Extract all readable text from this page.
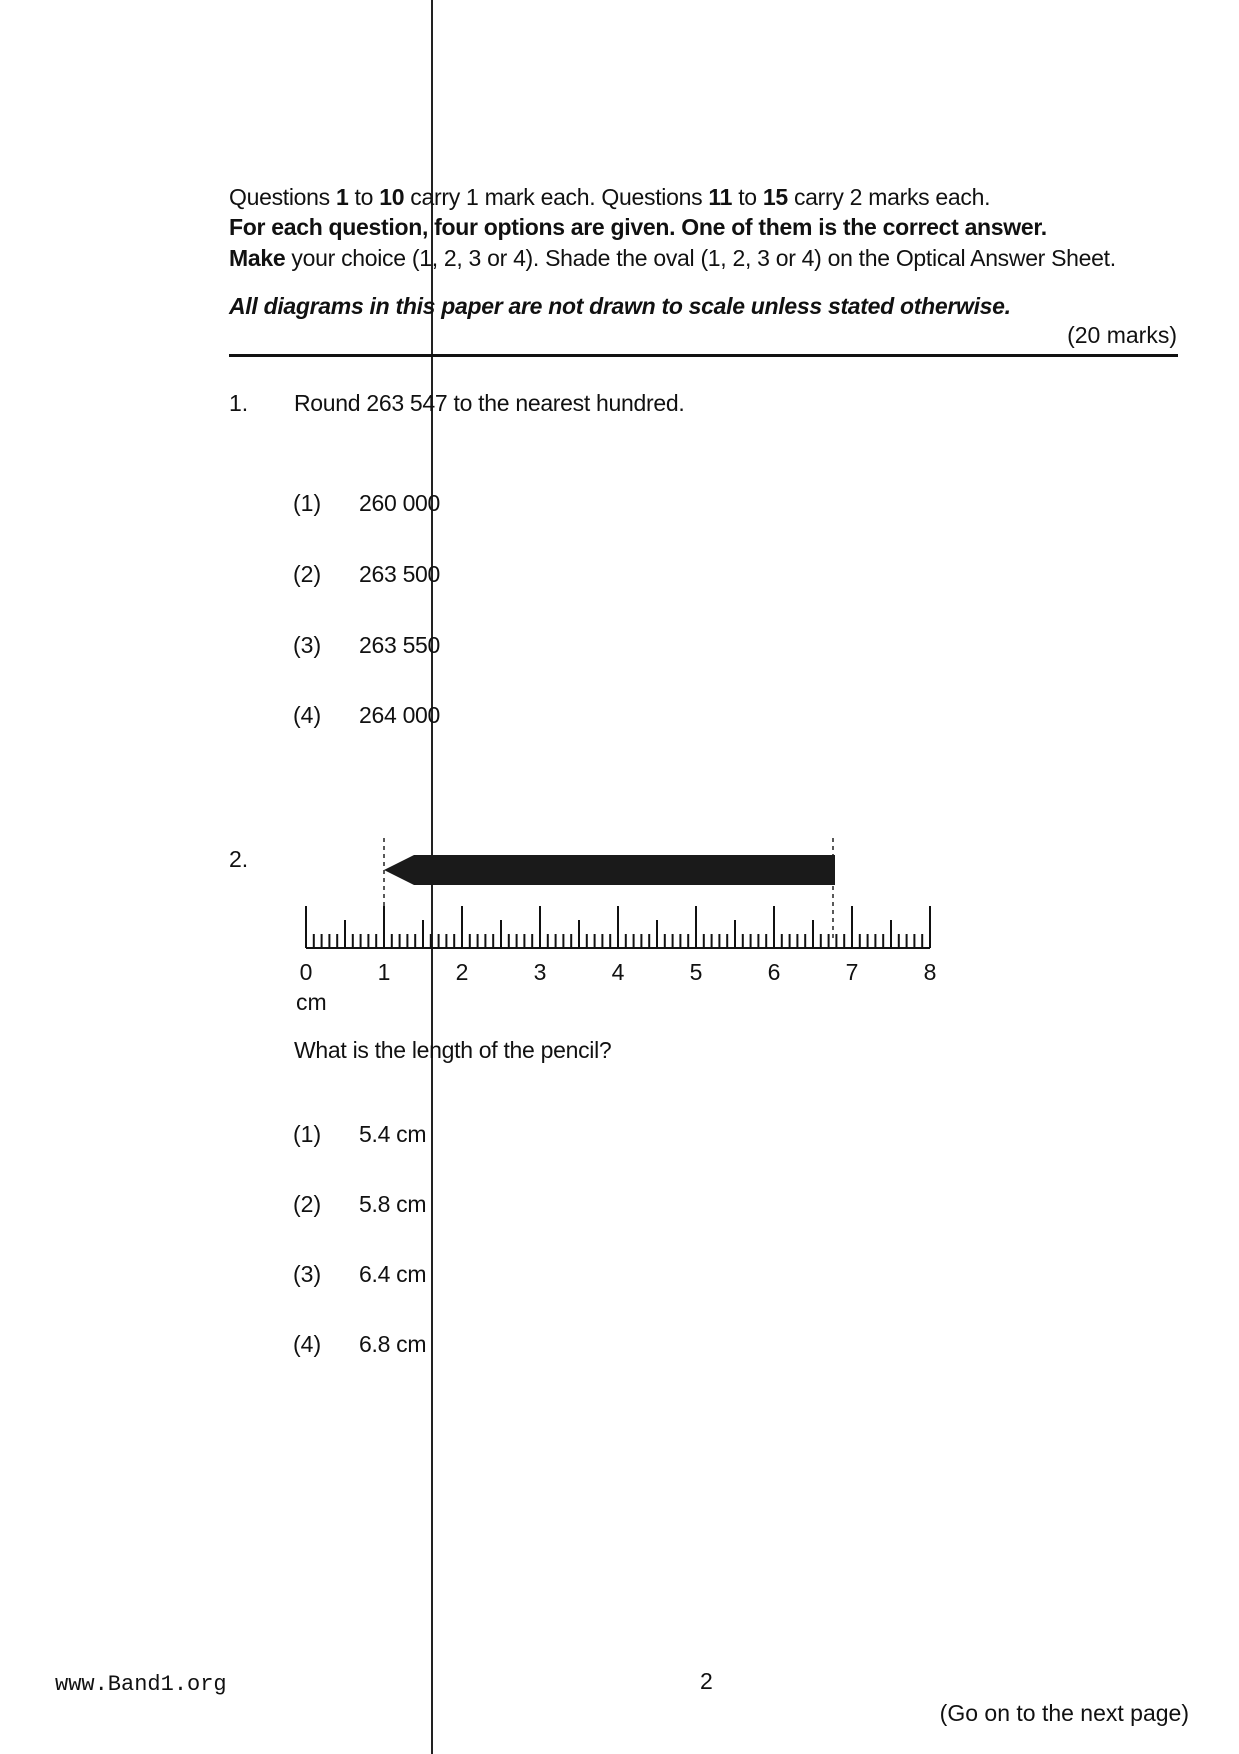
Questions 1 to 10 carry 1 mark each. Questions 11 to 15 carry 2 marks each.
For each question, four options are given. One of them is the correct answer.
Make your choice (1, 2, 3 or 4). Shade the oval (1, 2, 3 or 4) on the Optical Answer Sheet.
All diagrams in this paper are not drawn to scale unless stated otherwise.
(20 marks)
1. Round 263 547 to the nearest hundred.
(1) 260 000
(2) 263 500
(3) 263 550
(4) 264 000
2.
0	1	2	3	4	5	6	7	8
cm
What is the length of the pencil?
(1) 5.4 cm
(2) 5.8 cm
(3) 6.4 cm
(4) 6.8 cm
www.Band1.org	2
(Go on to the next page)
